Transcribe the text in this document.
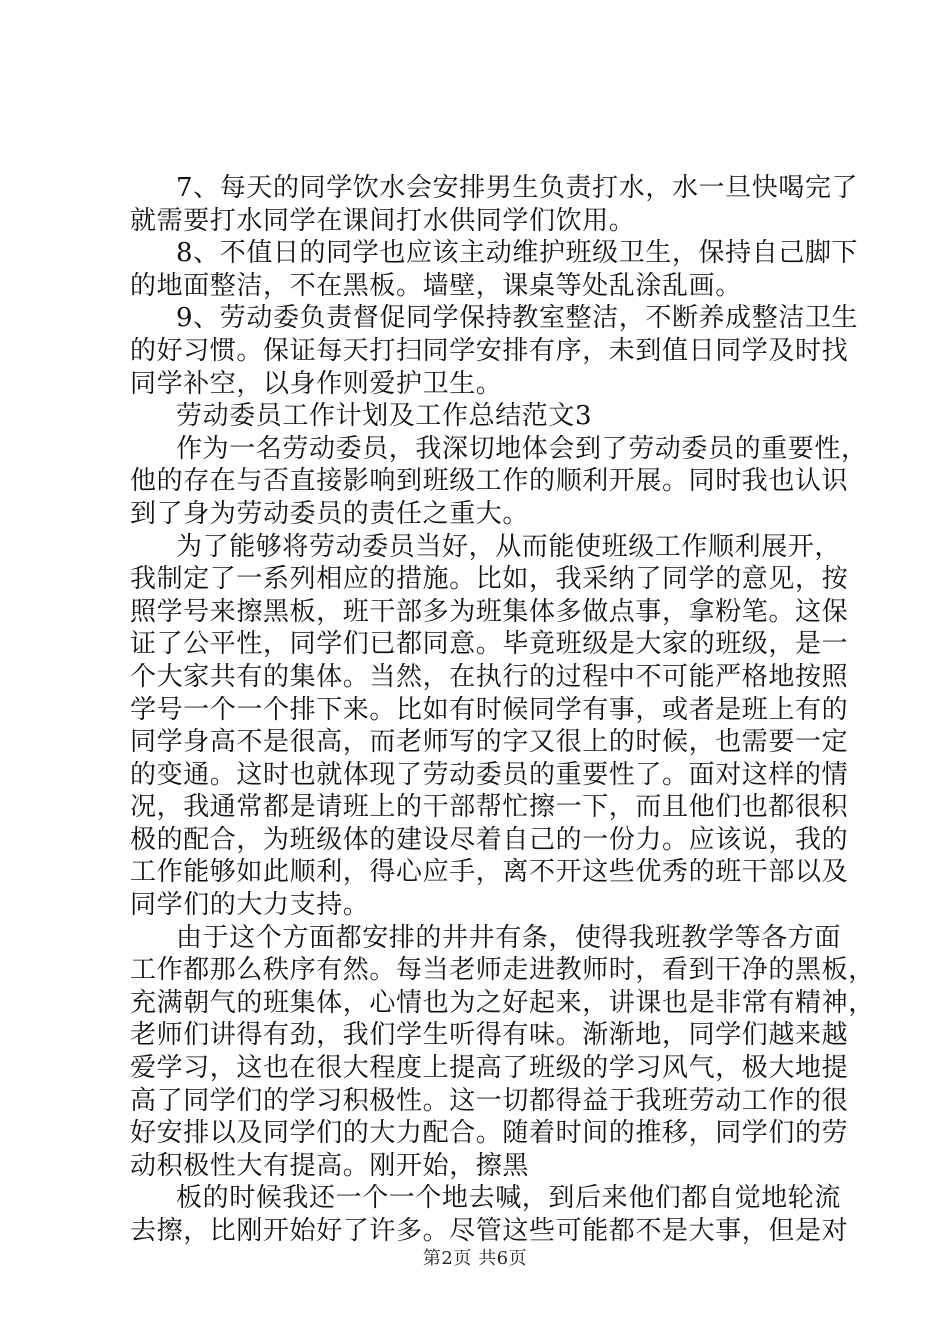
7、每天的同学饮水会安排男生负责打水，水一旦快喝完了
就需要打水同学在课间打水供同学们饮用。
8、不值日的同学也应该主动维护班级卫生，保持自己脚下
的地面整洁，不在黑板。墙壁，课桌等处乱涂乱画。
9、劳动委负责督促同学保持教室整洁，不断养成整洁卫生
的好习惯。保证每天打扫同学安排有序，未到值日同学及时找
同学补空，以身作则爱护卫生。
劳动委员工作计划及工作总结范文3
作为一名劳动委员，我深切地体会到了劳动委员的重要性，
他的存在与否直接影响到班级工作的顺利开展。同时我也认识
到了身为劳动委员的责任之重大。
为了能够将劳动委员当好，从而能使班级工作顺利展开，
我制定了一系列相应的措施。比如，我采纳了同学的意见，按
照学号来擦黑板，班干部多为班集体多做点事，拿粉笔。这保
证了公平性，同学们已都同意。毕竟班级是大家的班级，是一
个大家共有的集体。当然，在执行的过程中不可能严格地按照
学号一个一个排下来。比如有时候同学有事，或者是班上有的
同学身高不是很高，而老师写的字又很上的时候，也需要一定
的变通。这时也就体现了劳动委员的重要性了。面对这样的情
况，我通常都是请班上的干部帮忙擦一下，而且他们也都很积
极的配合，为班级体的建设尽着自己的一份力。应该说，我的
工作能够如此顺利，得心应手，离不开这些优秀的班干部以及
同学们的大力支持。
由于这个方面都安排的井井有条，使得我班教学等各方面
工作都那么秩序有然。每当老师走进教师时，看到干净的黑板，
充满朝气的班集体，心情也为之好起来，讲课也是非常有精神，
老师们讲得有劲，我们学生听得有味。渐渐地，同学们越来越
爱学习，这也在很大程度上提高了班级的学习风气，极大地提
高了同学们的学习积极性。这一切都得益于我班劳动工作的很
好安排以及同学们的大力配合。随着时间的推移，同学们的劳
动积极性大有提高。刚开始，擦黑
板的时候我还一个一个地去喊，到后来他们都自觉地轮流
去擦，比刚开始好了许多。尽管这些可能都不是大事，但是对
第2页 共6页
